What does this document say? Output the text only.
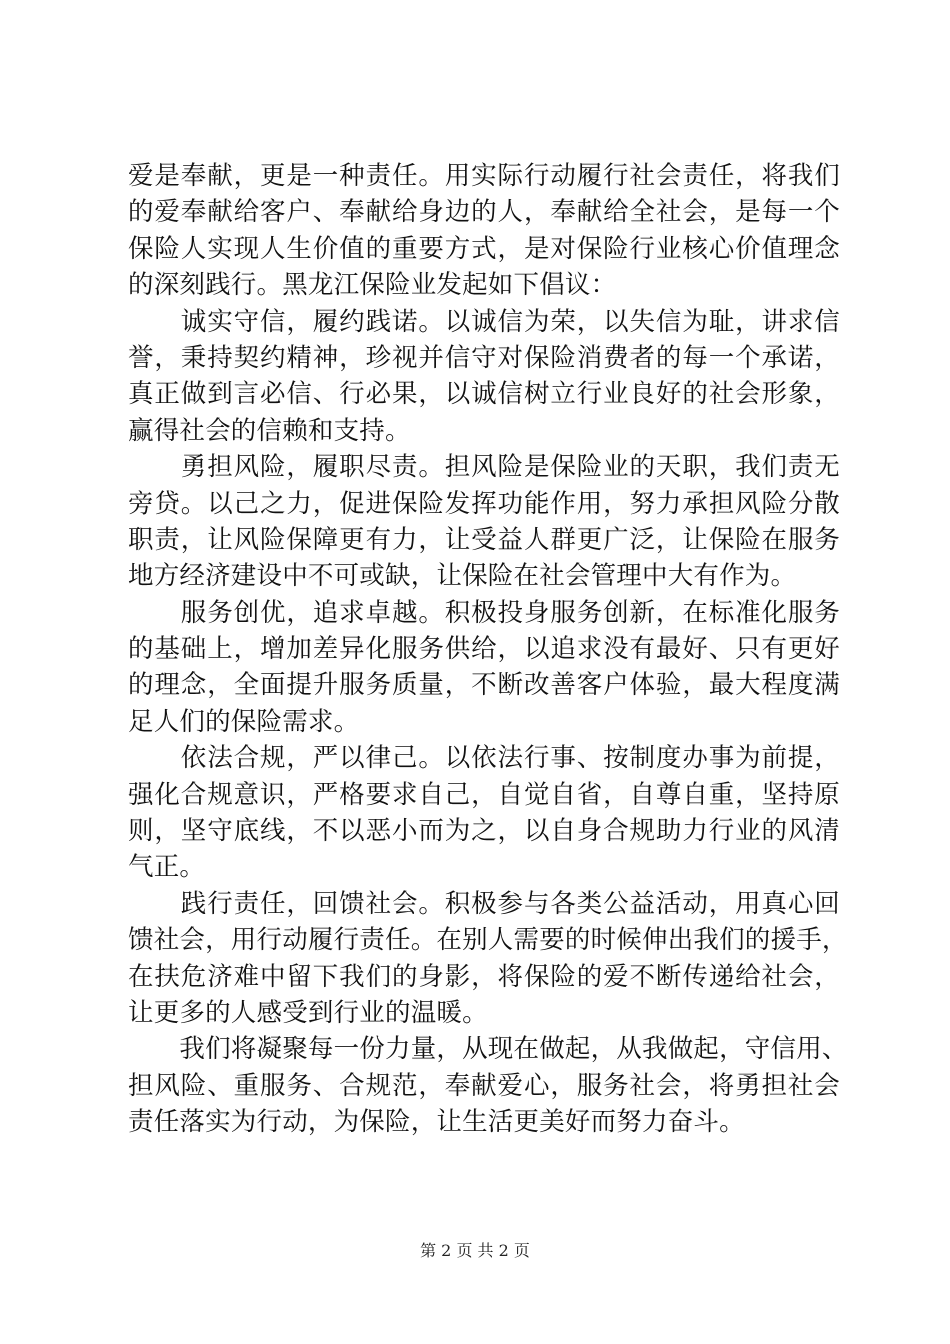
爱是奉献，更是一种责任。用实际行动履行社会责任，将我们
的爱奉献给客户、奉献给身边的人，奉献给全社会，是每一个
保险人实现人生价值的重要方式，是对保险行业核心价值理念
的深刻践行。黑龙江保险业发起如下倡议：
　　诚实守信，履约践诺。以诚信为荣，以失信为耻，讲求信
誉，秉持契约精神，珍视并信守对保险消费者的每一个承诺，
真正做到言必信、行必果，以诚信树立行业良好的社会形象，
赢得社会的信赖和支持。
　　勇担风险，履职尽责。担风险是保险业的天职，我们责无
旁贷。以己之力，促进保险发挥功能作用，努力承担风险分散
职责，让风险保障更有力，让受益人群更广泛，让保险在服务
地方经济建设中不可或缺，让保险在社会管理中大有作为。
　　服务创优，追求卓越。积极投身服务创新，在标准化服务
的基础上，增加差异化服务供给，以追求没有最好、只有更好
的理念，全面提升服务质量，不断改善客户体验，最大程度满
足人们的保险需求。
　　依法合规，严以律己。以依法行事、按制度办事为前提，
强化合规意识，严格要求自己，自觉自省，自尊自重，坚持原
则，坚守底线，不以恶小而为之，以自身合规助力行业的风清
气正。
　　践行责任，回馈社会。积极参与各类公益活动，用真心回
馈社会，用行动履行责任。在别人需要的时候伸出我们的援手，
在扶危济难中留下我们的身影，将保险的爱不断传递给社会，
让更多的人感受到行业的温暖。
　　我们将凝聚每一份力量，从现在做起，从我做起，守信用、
担风险、重服务、合规范，奉献爱心，服务社会，将勇担社会
责任落实为行动，为保险，让生活更美好而努力奋斗。
第 2 页 共 2 页
